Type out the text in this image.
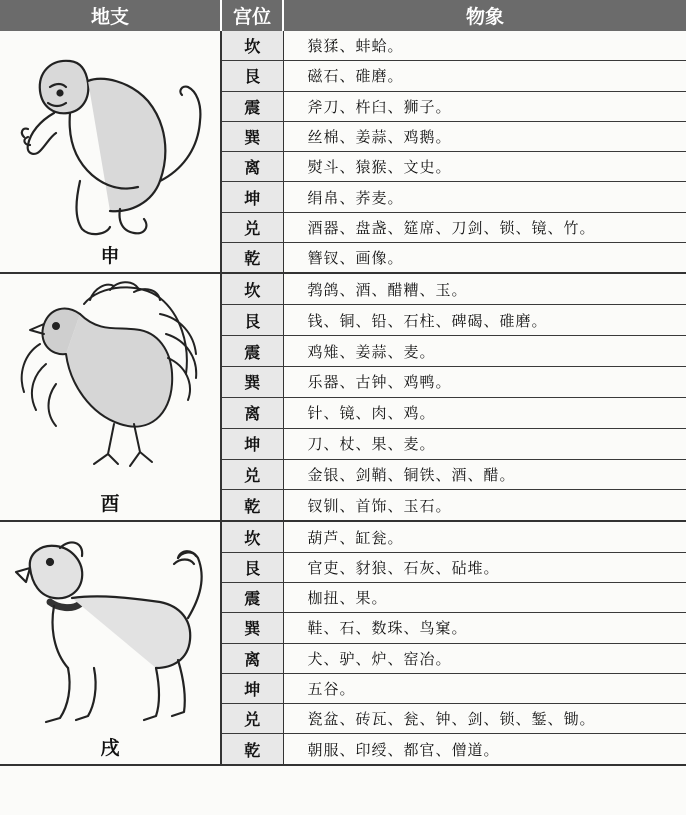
地支	宫位	物象

申	坎	猿猱、蚌蛤。
	艮	磁石、碓磨。
	震	斧刀、杵臼、狮子。
	巽	丝棉、姜蒜、鸡鹅。
	离	熨斗、猿猴、文史。
	坤	绢帛、荞麦。
	兑	酒器、盘盏、筵席、刀剑、锁、镜、竹。
	乾	簪钗、画像。

酉	坎	鹁鸽、酒、醋糟、玉。
	艮	钱、铜、铅、石柱、碑碣、碓磨。
	震	鸡雉、姜蒜、麦。
	巽	乐器、古钟、鸡鸭。
	离	针、镜、肉、鸡。
	坤	刀、杖、果、麦。
	兑	金银、剑鞘、铜铁、酒、醋。
	乾	钗钏、首饰、玉石。

戌	坎	葫芦、缸瓮。
	艮	官吏、豺狼、石灰、砧堆。
	震	枷扭、果。
	巽	鞋、石、数珠、鸟窠。
	离	犬、驴、炉、窑冶。
	坤	五谷。
	兑	瓷盆、砖瓦、瓮、钟、剑、锁、錾、锄。
	乾	朝服、印绶、都官、僧道。
